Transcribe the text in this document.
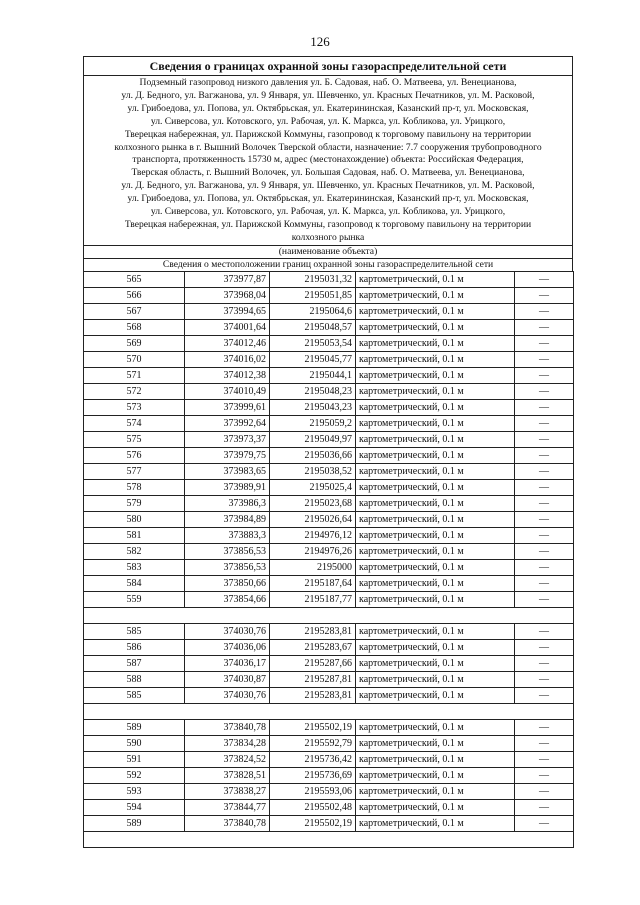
126
Сведения о границах охранной зоны газораспределительной сети
Подземный газопровод низкого давления ул. Б. Садовая, наб. О. Матвеева, ул. Венецианова,
ул. Д. Бедного, ул. Вагжанова, ул. 9 Января, ул. Шевченко, ул. Красных Печатников, ул. М. Расковой,
ул. Грибоедова, ул. Попова, ул. Октябрьская, ул. Екатерининская, Казанский пр-т, ул. Московская,
ул. Сиверсова, ул. Котовского, ул. Рабочая, ул. К. Маркса, ул. Кобликова, ул. Урицкого,
Тверецкая набережная, ул. Парижской Коммуны, газопровод к торговому павильону на территории
колхозного рынка в г. Вышний Волочек Тверской области, назначение: 7.7 сооружения трубопроводного
транспорта, протяженность 15730 м, адрес (местонахождение) объекта: Российская Федерация,
Тверская область, г. Вышний Волочек, ул. Большая Садовая, наб. О. Матвеева, ул. Венецианова,
ул. Д. Бедного, ул. Вагжанова, ул. 9 Января, ул. Шевченко, ул. Красных Печатников, ул. М. Расковой,
ул. Грибоедова, ул. Попова, ул. Октябрьская, ул. Екатерининская, Казанский пр-т, ул. Московская,
ул. Сиверсова, ул. Котовского, ул. Рабочая, ул. К. Маркса, ул. Кобликова, ул. Урицкого,
Тверецкая набережная, ул. Парижской Коммуны, газопровод к торговому павильону на территории
колхозного рынка
(наименование объекта)
Сведения о местоположении границ охранной зоны газораспределительной сети
565	373977,87	2195031,32	картометрический, 0.1 м	—
566	373968,04	2195051,85	картометрический, 0.1 м	—
567	373994,65	2195064,6	картометрический, 0.1 м	—
568	374001,64	2195048,57	картометрический, 0.1 м	—
569	374012,46	2195053,54	картометрический, 0.1 м	—
570	374016,02	2195045,77	картометрический, 0.1 м	—
571	374012,38	2195044,1	картометрический, 0.1 м	—
572	374010,49	2195048,23	картометрический, 0.1 м	—
573	373999,61	2195043,23	картометрический, 0.1 м	—
574	373992,64	2195059,2	картометрический, 0.1 м	—
575	373973,37	2195049,97	картометрический, 0.1 м	—
576	373979,75	2195036,66	картометрический, 0.1 м	—
577	373983,65	2195038,52	картометрический, 0.1 м	—
578	373989,91	2195025,4	картометрический, 0.1 м	—
579	373986,3	2195023,68	картометрический, 0.1 м	—
580	373984,89	2195026,64	картометрический, 0.1 м	—
581	373883,3	2194976,12	картометрический, 0.1 м	—
582	373856,53	2194976,26	картометрический, 0.1 м	—
583	373856,53	2195000	картометрический, 0.1 м	—
584	373850,66	2195187,64	картометрический, 0.1 м	—
559	373854,66	2195187,77	картометрический, 0.1 м	—

585	374030,76	2195283,81	картометрический, 0.1 м	—
586	374036,06	2195283,67	картометрический, 0.1 м	—
587	374036,17	2195287,66	картометрический, 0.1 м	—
588	374030,87	2195287,81	картометрический, 0.1 м	—
585	374030,76	2195283,81	картометрический, 0.1 м	—

589	373840,78	2195502,19	картометрический, 0.1 м	—
590	373834,28	2195592,79	картометрический, 0.1 м	—
591	373824,52	2195736,42	картометрический, 0.1 м	—
592	373828,51	2195736,69	картометрический, 0.1 м	—
593	373838,27	2195593,06	картометрический, 0.1 м	—
594	373844,77	2195502,48	картометрический, 0.1 м	—
589	373840,78	2195502,19	картометрический, 0.1 м	—
